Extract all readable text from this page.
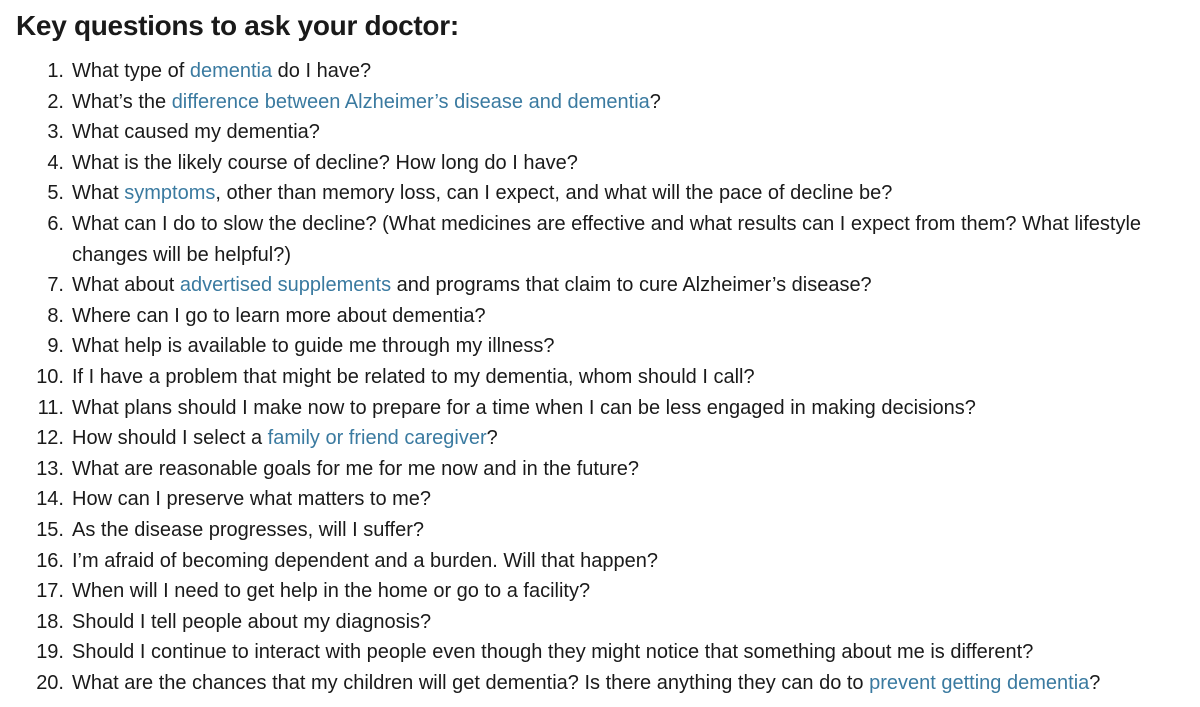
Key questions to ask your doctor:
1. What type of dementia do I have?
2. What’s the difference between Alzheimer’s disease and dementia?
3. What caused my dementia?
4. What is the likely course of decline? How long do I have?
5. What symptoms, other than memory loss, can I expect, and what will the pace of decline be?
6. What can I do to slow the decline? (What medicines are effective and what results can I expect from them? What lifestyle changes will be helpful?)
7. What about advertised supplements and programs that claim to cure Alzheimer’s disease?
8. Where can I go to learn more about dementia?
9. What help is available to guide me through my illness?
10. If I have a problem that might be related to my dementia, whom should I call?
11. What plans should I make now to prepare for a time when I can be less engaged in making decisions?
12. How should I select a family or friend caregiver?
13. What are reasonable goals for me for me now and in the future?
14. How can I preserve what matters to me?
15. As the disease progresses, will I suffer?
16. I’m afraid of becoming dependent and a burden. Will that happen?
17. When will I need to get help in the home or go to a facility?
18. Should I tell people about my diagnosis?
19. Should I continue to interact with people even though they might notice that something about me is different?
20. What are the chances that my children will get dementia? Is there anything they can do to prevent getting dementia?
